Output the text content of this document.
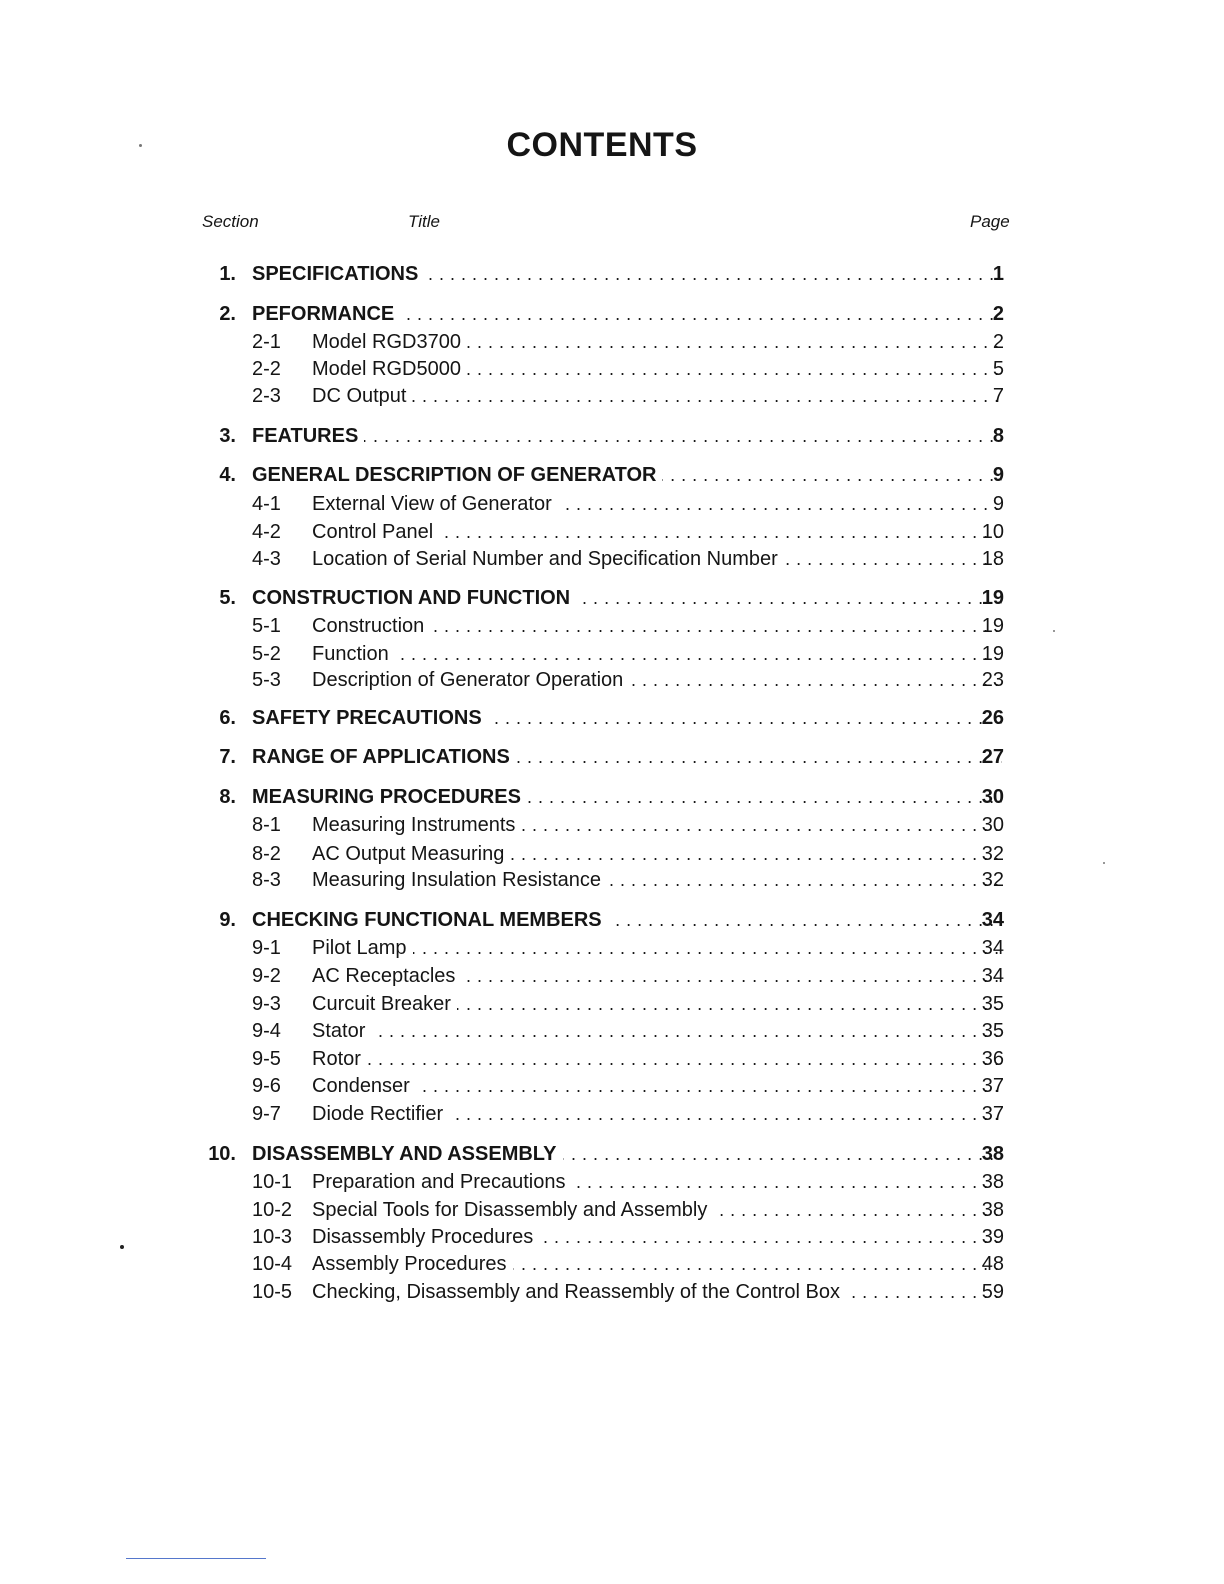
CONTENTS
Section	Title	Page
1. SPECIFICATIONS . . .	1
2. PEFORMANCE . . .	2
2-1 Model RGD3700 . . .	2
2-2 Model RGD5000 . . .	5
2-3 DC Output . . .	7
3. FEATURES . . .	8
4. GENERAL DESCRIPTION OF GENERATOR . . .	9
4-1 External View of Generator . . .	9
4-2 Control Panel . . .	10
4-3 Location of Serial Number and Specification Number . . .	18
5. CONSTRUCTION AND FUNCTION . . .	19
5-1 Construction . . .	19
5-2 Function . . .	19
5-3 Description of Generator Operation . . .	23
6. SAFETY PRECAUTIONS . . .	26
7. RANGE OF APPLICATIONS . . .	27
8. MEASURING PROCEDURES . . .	30
8-1 Measuring Instruments . . .	30
8-2 AC Output Measuring . . .	32
8-3 Measuring Insulation Resistance . . .	32
9. CHECKING FUNCTIONAL MEMBERS . . .	34
9-1 Pilot Lamp . . .	34
9-2 AC Receptacles . . .	34
9-3 Curcuit Breaker . . .	35
9-4 Stator . . .	35
9-5 Rotor . . .	36
9-6 Condenser . . .	37
9-7 Diode Rectifier . . .	37
10. DISASSEMBLY AND ASSEMBLY . . .	38
10-1 Preparation and Precautions . . .	38
10-2 Special Tools for Disassembly and Assembly . . .	38
10-3 Disassembly Procedures . . .	39
10-4 Assembly Procedures . . .	48
10-5 Checking, Disassembly and Reassembly of the Control Box . . .	59
